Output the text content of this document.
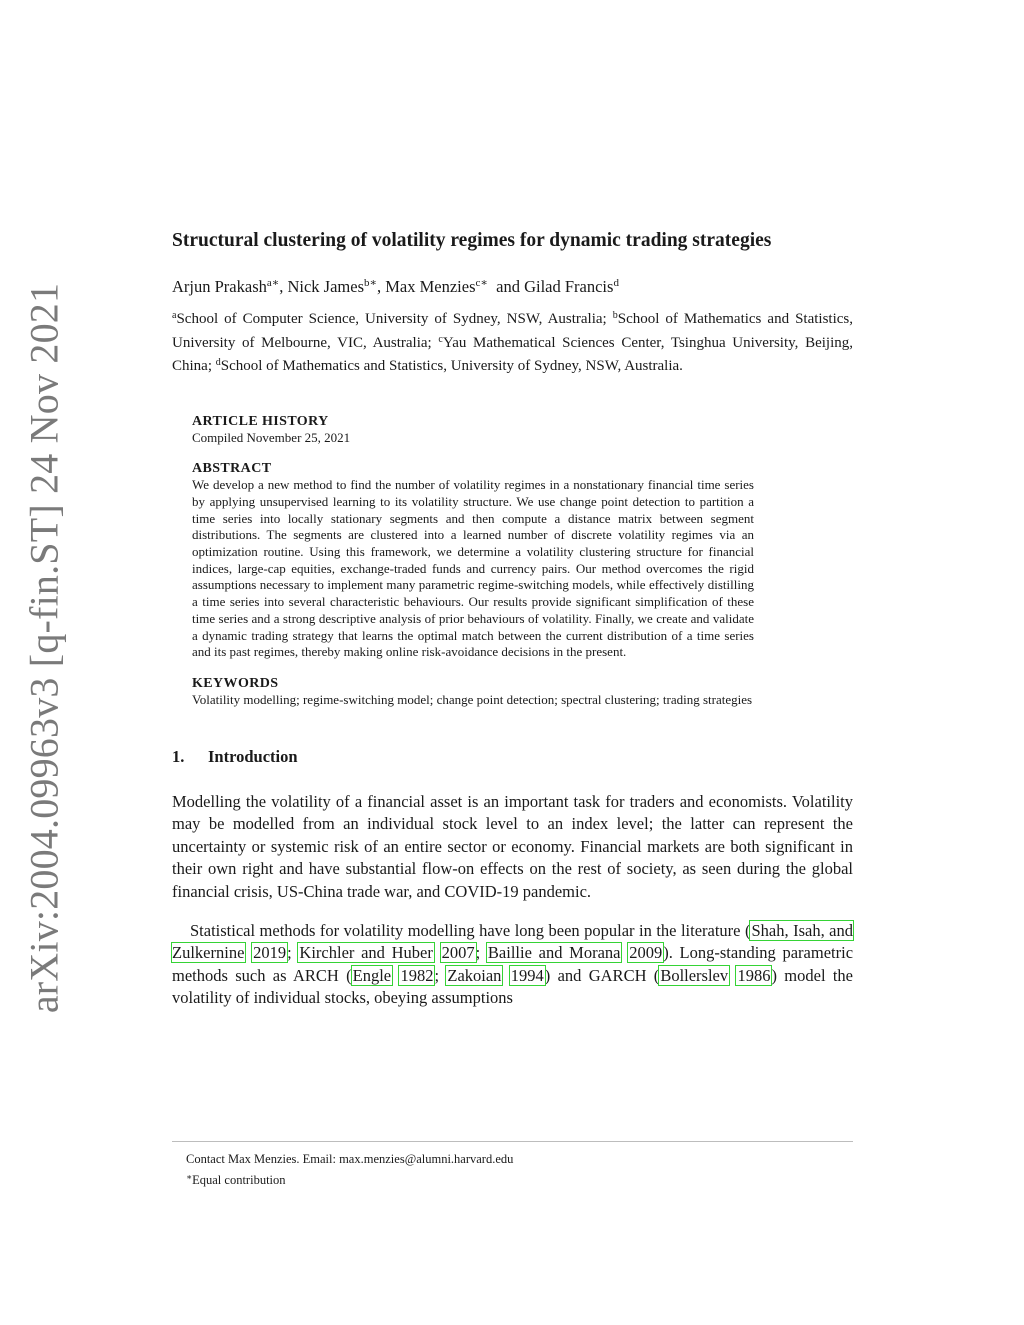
arXiv:2004.09963v3 [q-fin.ST] 24 Nov 2021
Structural clustering of volatility regimes for dynamic trading strategies
Arjun Prakash$^{a∗}$, Nick James$^{b∗}$, Max Menzies$^{c∗}$  and Gilad Francis$^d$
$^a$School of Computer Science, University of Sydney, NSW, Australia; $^b$School of Mathematics and Statistics, University of Melbourne, VIC, Australia; $^c$Yau Mathematical Sciences Center, Tsinghua University, Beijing, China; $^d$School of Mathematics and Statistics, University of Sydney, NSW, Australia.
ARTICLE HISTORY
Compiled November 25, 2021
ABSTRACT
We develop a new method to find the number of volatility regimes in a nonstationary financial time series by applying unsupervised learning to its volatility structure. We use change point detection to partition a time series into locally stationary segments and then compute a distance matrix between segment distributions. The segments are clustered into a learned number of discrete volatility regimes via an optimization routine. Using this framework, we determine a volatility clustering structure for financial indices, large-cap equities, exchange-traded funds and currency pairs. Our method overcomes the rigid assumptions necessary to implement many parametric regime-switching models, while effectively distilling a time series into several characteristic behaviours. Our results provide significant simplification of these time series and a strong descriptive analysis of prior behaviours of volatility. Finally, we create and validate a dynamic trading strategy that learns the optimal match between the current distribution of a time series and its past regimes, thereby making online risk-avoidance decisions in the present.
KEYWORDS
Volatility modelling; regime-switching model; change point detection; spectral clustering; trading strategies
1. Introduction

Modelling the volatility of a financial asset is an important task for traders and economists. Volatility may be modelled from an individual stock level to an index level; the latter can represent the uncertainty or systemic risk of an entire sector or economy. Financial markets are both significant in their own right and have substantial flow-on effects on the rest of society, as seen during the global financial crisis, US-China trade war, and COVID-19 pandemic.

Statistical methods for volatility modelling have long been popular in the literature (Shah, Isah, and Zulkernine 2019; Kirchler and Huber 2007; Baillie and Morana 2009). Long-standing parametric methods such as ARCH (Engle 1982; Zakoian 1994) and GARCH (Bollerslev 1986) model the volatility of individual stocks, obeying assumptions

Contact Max Menzies. Email: max.menzies@alumni.harvard.edu
∗Equal contribution
